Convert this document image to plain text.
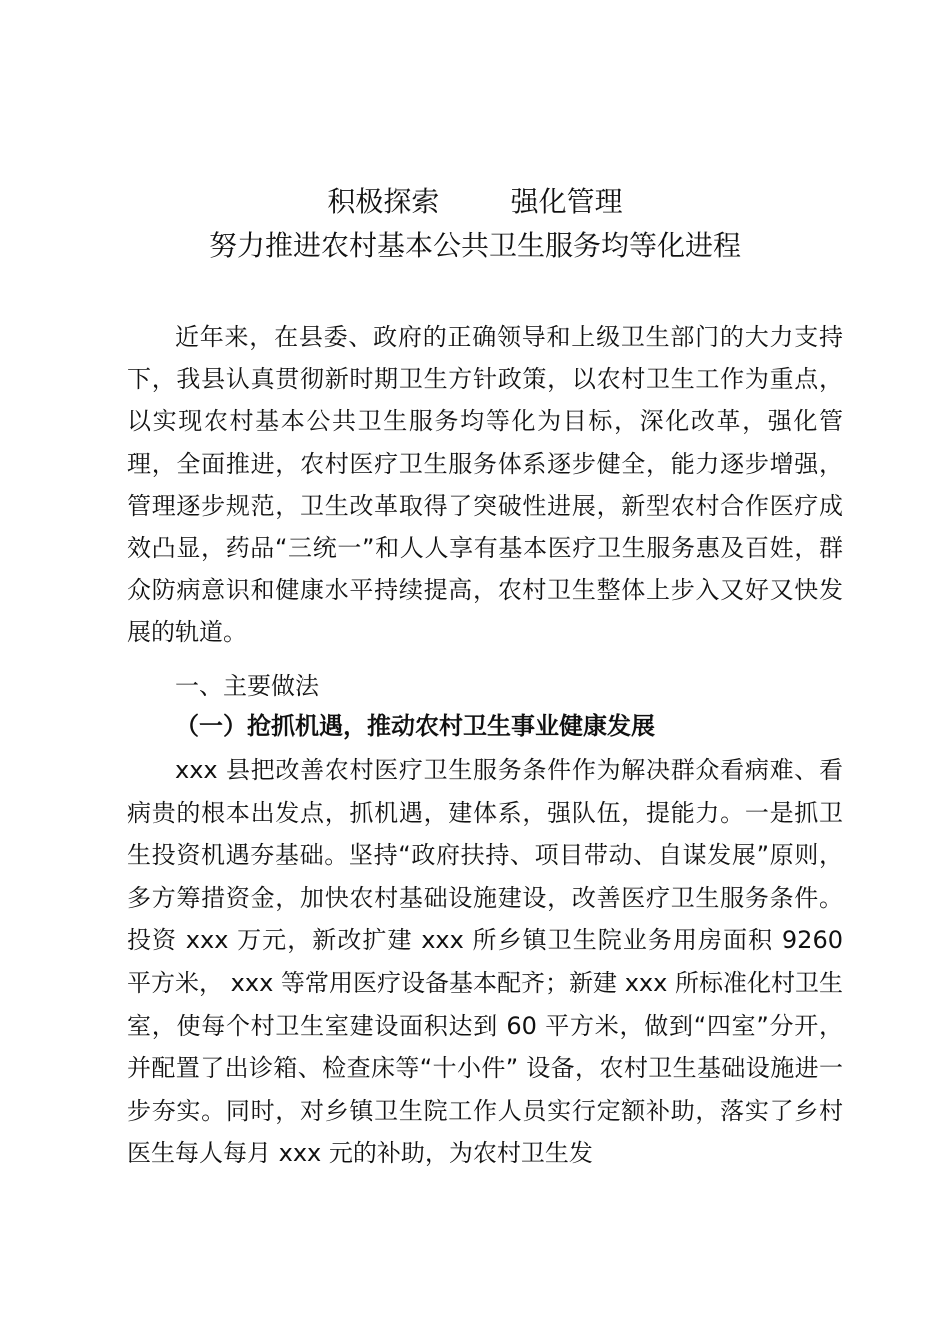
积极探索        强化管理
努力推进农村基本公共卫生服务均等化进程

近年来，在县委、政府的正确领导和上级卫生部门的大力支持下，我县认真贯彻新时期卫生方针政策，以农村卫生工作为重点，以实现农村基本公共卫生服务均等化为目标，深化改革，强化管理，全面推进，农村医疗卫生服务体系逐步健全，能力逐步增强，管理逐步规范，卫生改革取得了突破性进展，新型农村合作医疗成效凸显，药品“三统一”和人人享有基本医疗卫生服务惠及百姓，群众防病意识和健康水平持续提高，农村卫生整体上步入又好又快发展的轨道。

一、主要做法

（一）抢抓机遇，推动农村卫生事业健康发展

xxx 县把改善农村医疗卫生服务条件作为解决群众看病难、看病贵的根本出发点，抓机遇，建体系，强队伍，提能力。一是抓卫生投资机遇夯基础。坚持“政府扶持、项目带动、自谋发展”原则，多方筹措资金，加快农村基础设施建设，改善医疗卫生服务条件。投资 xxx 万元，新改扩建 xxx 所乡镇卫生院业务用房面积 9260 平方米， xxx 等常用医疗设备基本配齐；新建 xxx 所标准化村卫生室，使每个村卫生室建设面积达到 60 平方米，做到“四室”分开，并配置了出诊箱、检查床等“十小件” 设备，农村卫生基础设施进一步夯实。同时，对乡镇卫生院工作人员实行定额补助，落实了乡村医生每人每月 xxx 元的补助，为农村卫生发
